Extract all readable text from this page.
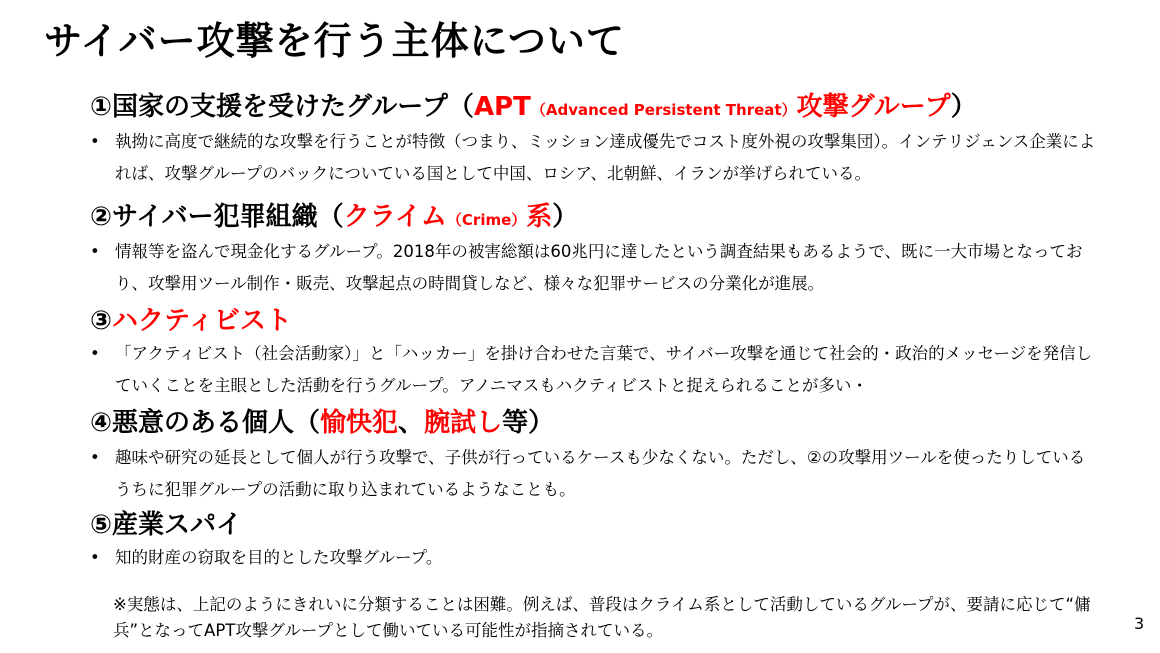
サイバー攻撃を行う主体について
①国家の支援を受けたグループ（APT（Advanced Persistent Threat）攻撃グループ）
• 執拗に高度で継続的な攻撃を行うことが特徴（つまり、ミッション達成優先でコスト度外視の攻撃集団）。インテリジェンス企業によれば、攻撃グループのバックについている国として中国、ロシア、北朝鮮、イランが挙げられている。
②サイバー犯罪組織（クライム（Crime）系）
• 情報等を盗んで現金化するグループ。2018年の被害総額は60兆円に達したという調査結果もあるようで、既に一大市場となっており、攻撃用ツール制作・販売、攻撃起点の時間貸しなど、様々な犯罪サービスの分業化が進展。
③ハクティビスト
• 「アクティビスト（社会活動家）」と「ハッカー」を掛け合わせた言葉で、サイバー攻撃を通じて社会的・政治的メッセージを発信していくことを主眼とした活動を行うグループ。アノニマスもハクティビストと捉えられることが多い・
④悪意のある個人（愉快犯、腕試し等）
• 趣味や研究の延長として個人が行う攻撃で、子供が行っているケースも少なくない。ただし、②の攻撃用ツールを使ったりしているうちに犯罪グループの活動に取り込まれているようなことも。
⑤産業スパイ
• 知的財産の窃取を目的とした攻撃グループ。
※実態は、上記のようにきれいに分類することは困難。例えば、普段はクライム系として活動しているグループが、要請に応じて“傭兵”となってAPT攻撃グループとして働いている可能性が指摘されている。	3
